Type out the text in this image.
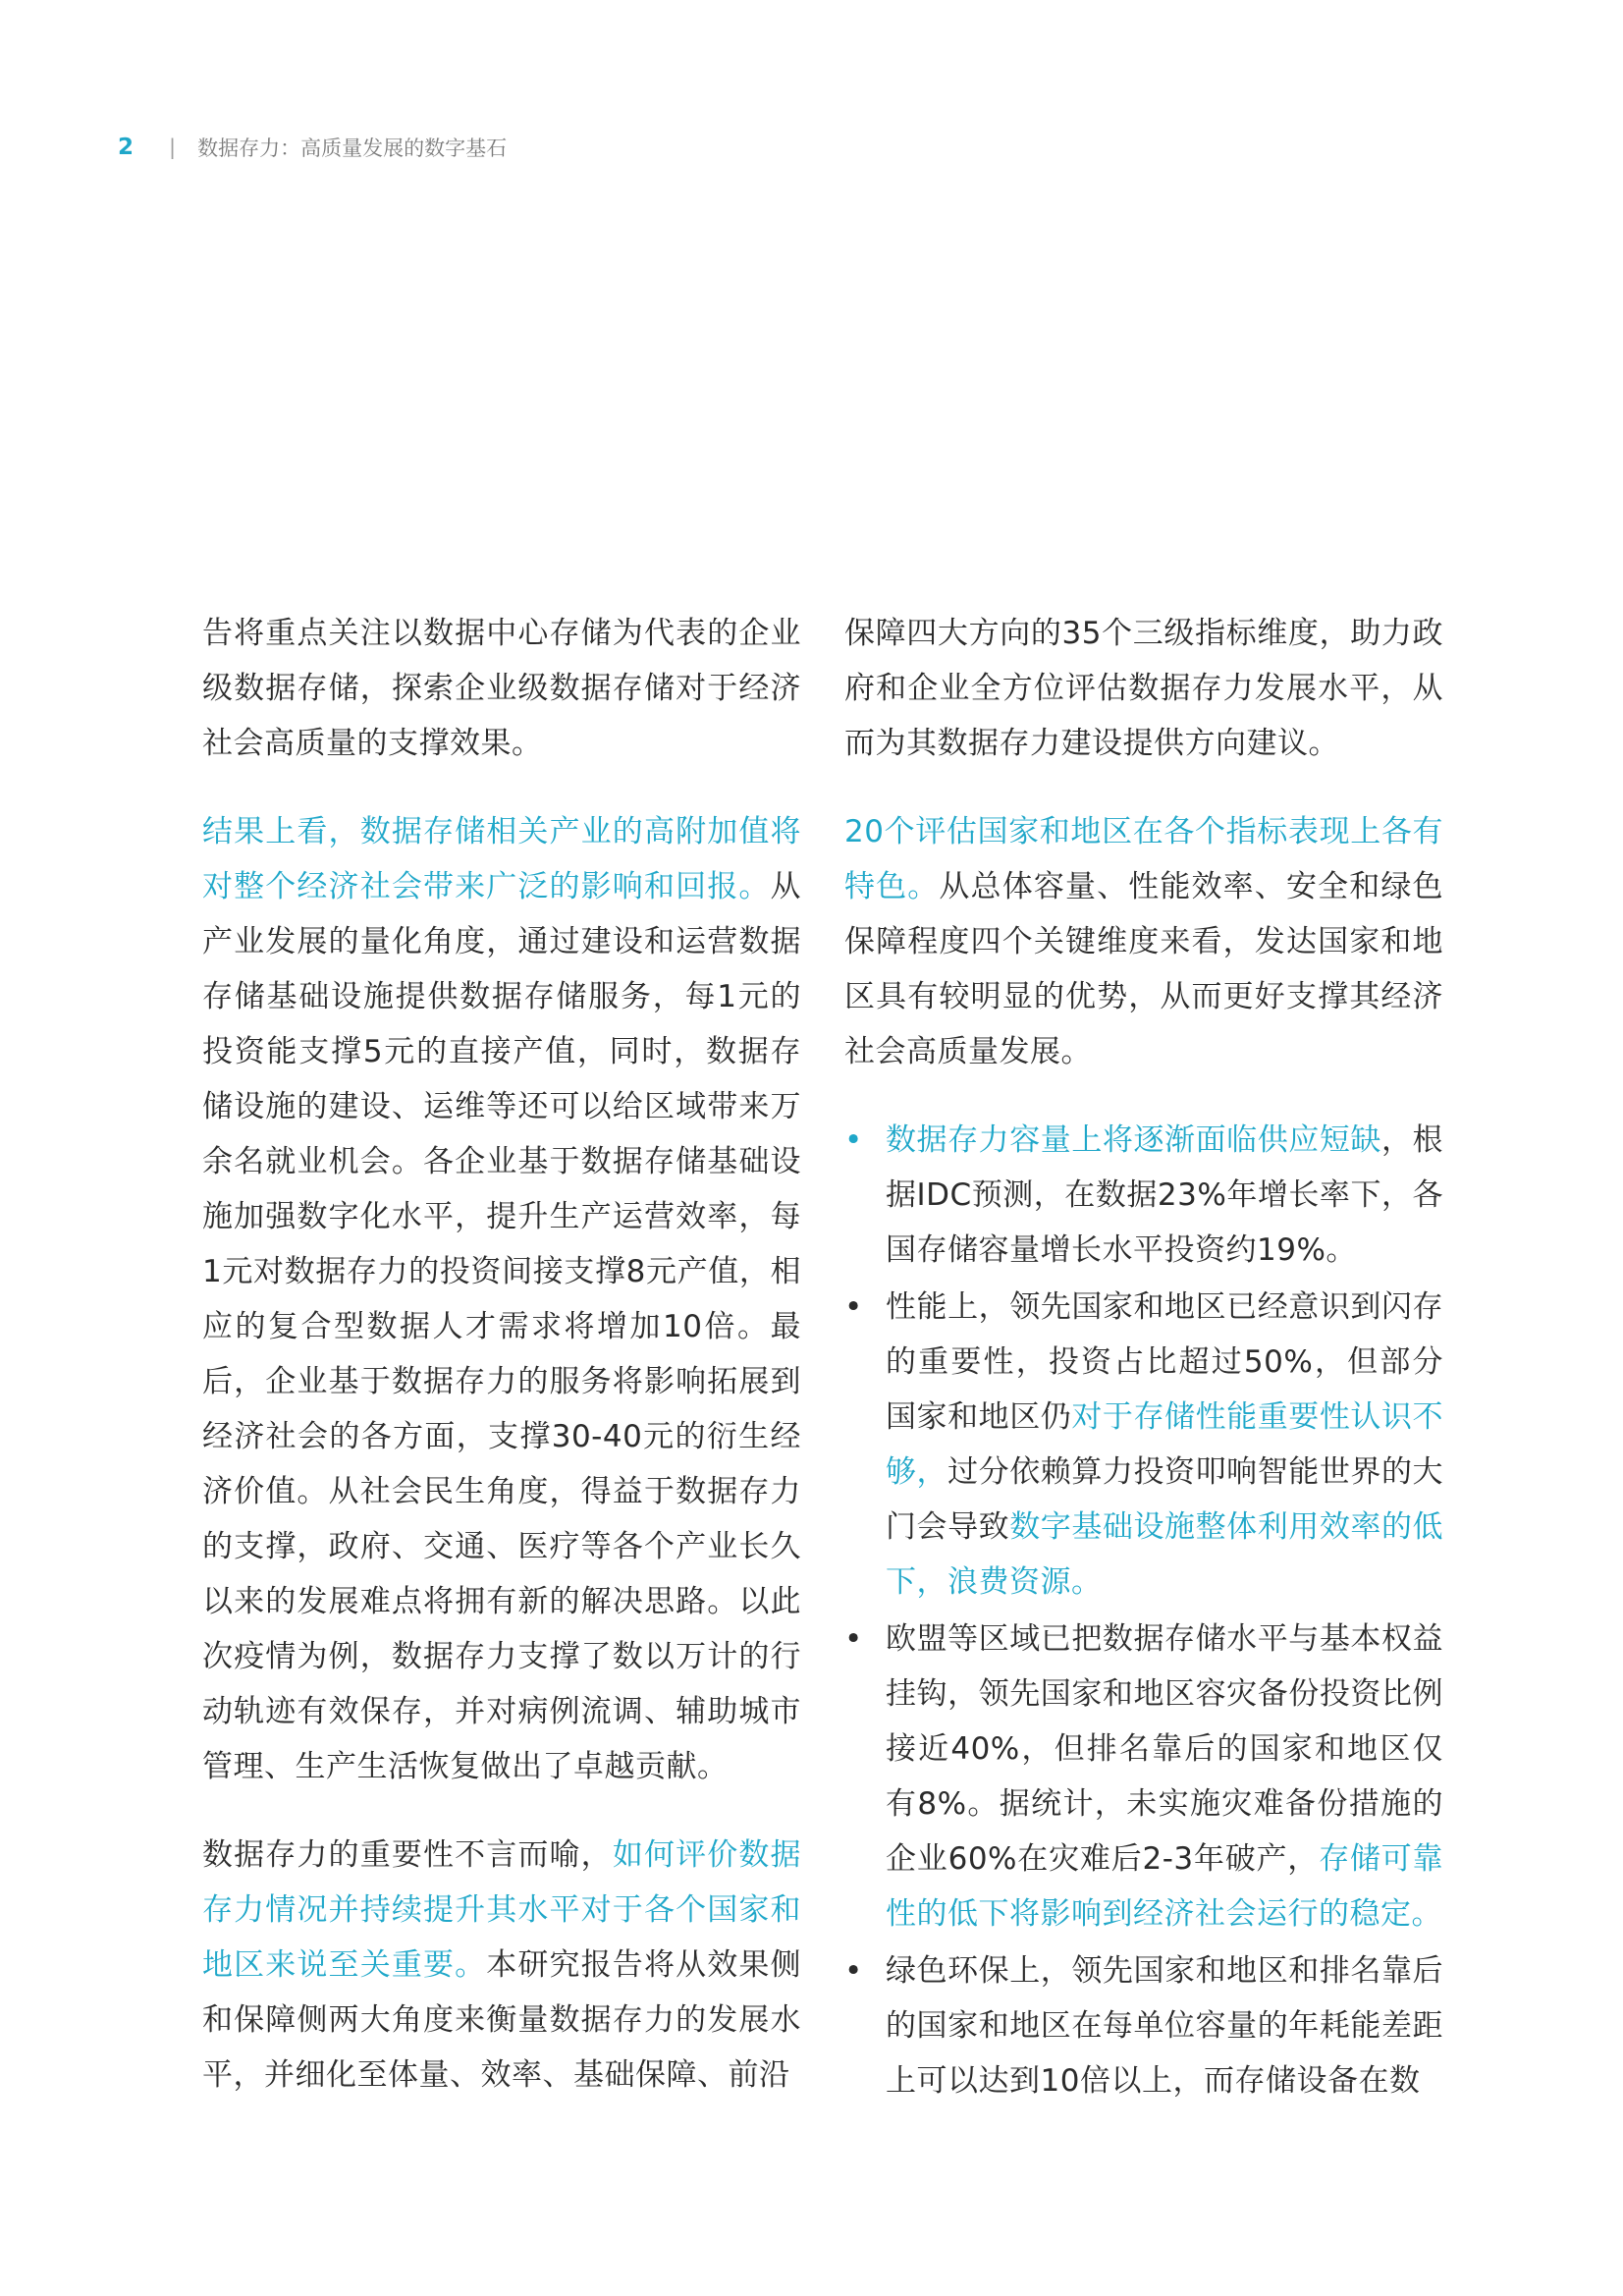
2 | 数据存力：高质量发展的数字基石

告将重点关注以数据中心存储为代表的企业级数据存储，探索企业级数据存储对于经济社会高质量的支撑效果。

结果上看，数据存储相关产业的高附加值将对整个经济社会带来广泛的影响和回报。从产业发展的量化角度，通过建设和运营数据存储基础设施提供数据存储服务，每1元的投资能支撑5元的直接产值，同时，数据存储设施的建设、运维等还可以给区域带来万余名就业机会。各企业基于数据存储基础设施加强数字化水平，提升生产运营效率，每1元对数据存力的投资间接支撑8元产值，相应的复合型数据人才需求将增加10倍。最后，企业基于数据存力的服务将影响拓展到经济社会的各方面，支撑30-40元的衍生经济价值。从社会民生角度，得益于数据存力的支撑，政府、交通、医疗等各个产业长久以来的发展难点将拥有新的解决思路。以此次疫情为例，数据存力支撑了数以万计的行动轨迹有效保存，并对病例流调、辅助城市管理、生产生活恢复做出了卓越贡献。

数据存力的重要性不言而喻，如何评价数据存力情况并持续提升其水平对于各个国家和地区来说至关重要。本研究报告将从效果侧和保障侧两大角度来衡量数据存力的发展水平，并细化至体量、效率、基础保障、前沿

保障四大方向的35个三级指标维度，助力政府和企业全方位评估数据存力发展水平，从而为其数据存力建设提供方向建议。

20个评估国家和地区在各个指标表现上各有特色。从总体容量、性能效率、安全和绿色保障程度四个关键维度来看，发达国家和地区具有较明显的优势，从而更好支撑其经济社会高质量发展。

• 数据存力容量上将逐渐面临供应短缺，根据IDC预测，在数据23%年增长率下，各国存储容量增长水平投资约19%。
• 性能上，领先国家和地区已经意识到闪存的重要性，投资占比超过50%，但部分国家和地区仍对于存储性能重要性认识不够，过分依赖算力投资叩响智能世界的大门会导致数字基础设施整体利用效率的低下，浪费资源。
• 欧盟等区域已把数据存储水平与基本权益挂钩，领先国家和地区容灾备份投资比例接近40%，但排名靠后的国家和地区仅有8%。据统计，未实施灾难备份措施的企业60%在灾难后2-3年破产，存储可靠性的低下将影响到经济社会运行的稳定。
• 绿色环保上，领先国家和地区和排名靠后的国家和地区在每单位容量的年耗能差距上可以达到10倍以上，而存储设备在数
